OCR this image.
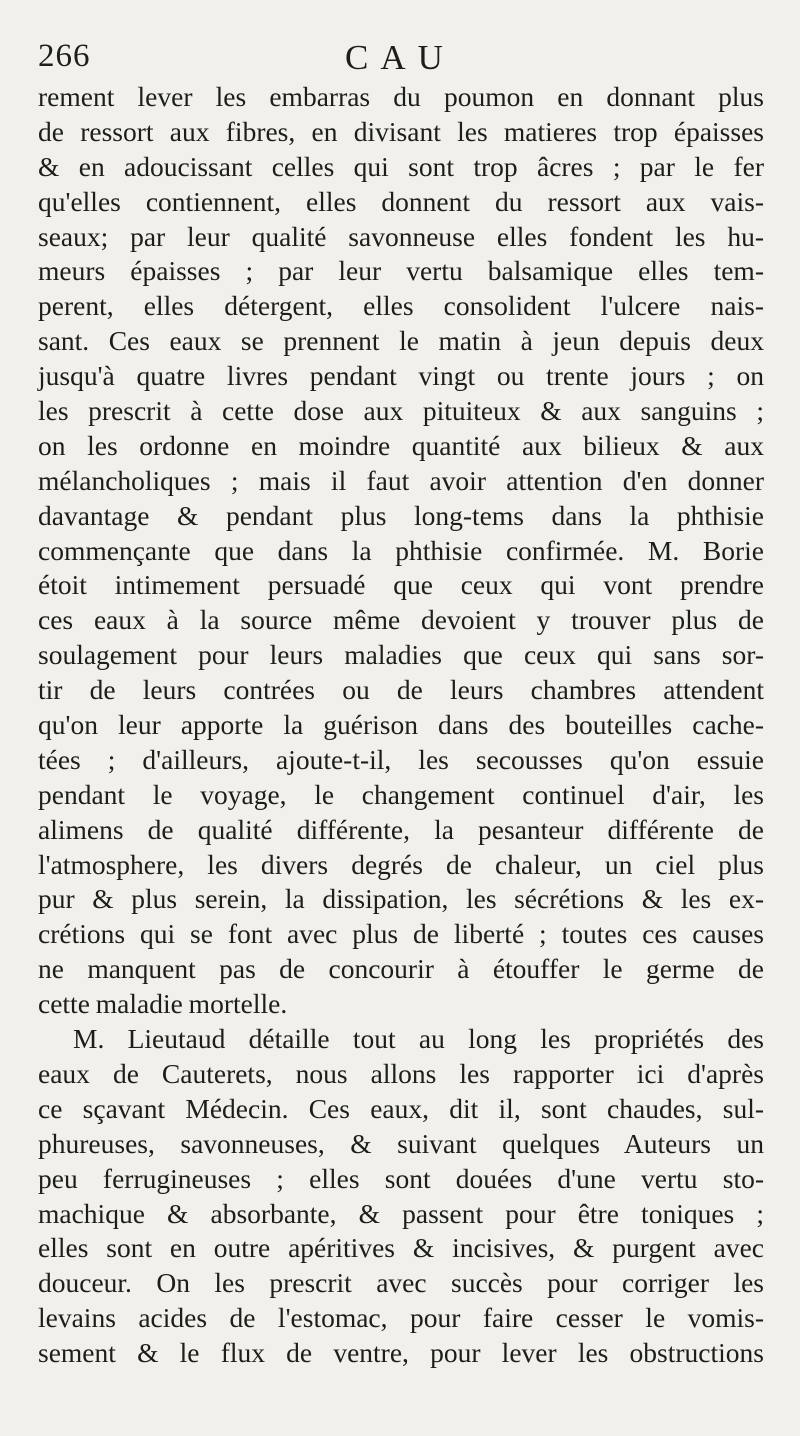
266	CAU
rement lever les embarras du poumon en donnant plus
de ressort aux fibres, en divisant les matieres trop épaisses
& en adoucissant celles qui sont trop âcres ; par le fer
qu'elles contiennent, elles donnent du ressort aux vais-
seaux; par leur qualité savonneuse elles fondent les hu-
meurs épaisses ; par leur vertu balsamique elles tem-
perent, elles détergent, elles consolident l'ulcere nais-
sant. Ces eaux se prennent le matin à jeun depuis deux
jusqu'à quatre livres pendant vingt ou trente jours ; on
les prescrit à cette dose aux pituiteux & aux sanguins ;
on les ordonne en moindre quantité aux bilieux & aux
mélancholiques ; mais il faut avoir attention d'en donner
davantage & pendant plus long-tems dans la phthisie
commençante que dans la phthisie confirmée. M. Borie
étoit intimement persuadé que ceux qui vont prendre
ces eaux à la source même devoient y trouver plus de
soulagement pour leurs maladies que ceux qui sans sor-
tir de leurs contrées ou de leurs chambres attendent
qu'on leur apporte la guérison dans des bouteilles cache-
tées ; d'ailleurs, ajoute-t-il, les secousses qu'on essuie
pendant le voyage, le changement continuel d'air, les
alimens de qualité différente, la pesanteur différente de
l'atmosphere, les divers degrés de chaleur, un ciel plus
pur & plus serein, la dissipation, les sécrétions & les ex-
crétions qui se font avec plus de liberté ; toutes ces causes
ne manquent pas de concourir à étouffer le germe de
cette maladie mortelle.
M. Lieutaud détaille tout au long les propriétés des
eaux de Cauterets, nous allons les rapporter ici d'après
ce sçavant Médecin. Ces eaux, dit il, sont chaudes, sul-
phureuses, savonneuses, & suivant quelques Auteurs un
peu ferrugineuses ; elles sont douées d'une vertu sto-
machique & absorbante, & passent pour être toniques ;
elles sont en outre apéritives & incisives, & purgent avec
douceur. On les prescrit avec succès pour corriger les
levains acides de l'estomac, pour faire cesser le vomis-
sement & le flux de ventre, pour lever les obstructions
